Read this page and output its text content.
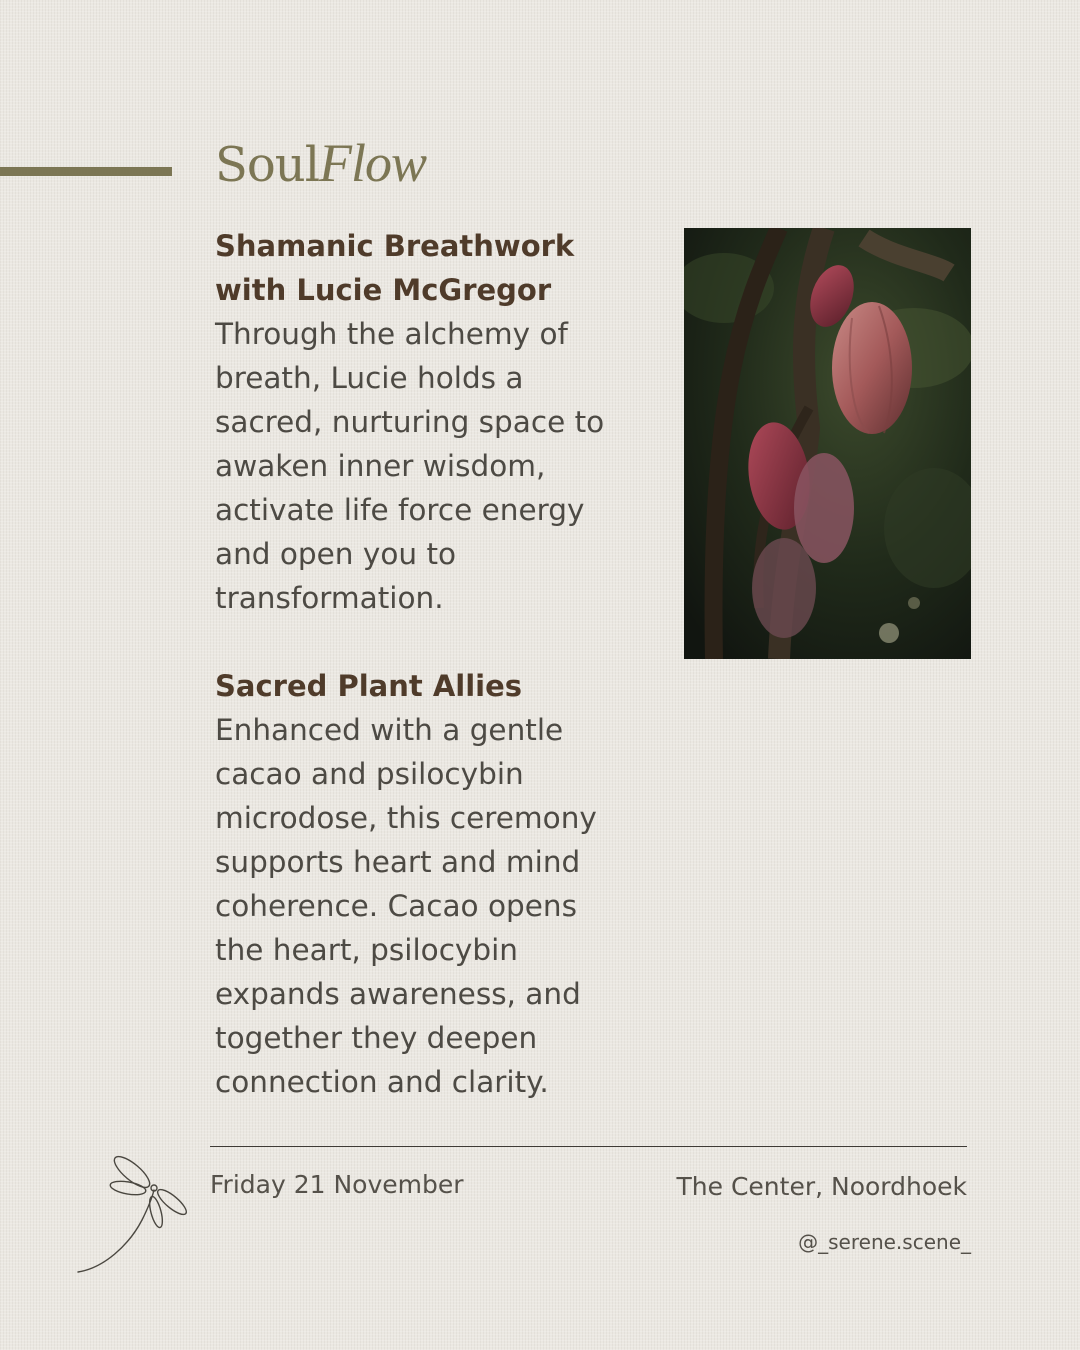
SoulFlow

Shamanic Breathwork
with Lucie McGregor

Through the alchemy of
breath, Lucie holds a
sacred, nurturing space to
awaken inner wisdom,
activate life force energy
and open you to
transformation.

Sacred Plant Allies

Enhanced with a gentle
cacao and psilocybin
microdose, this ceremony
supports heart and mind
coherence. Cacao opens
the heart, psilocybin
expands awareness, and
together they deepen
connection and clarity.

Friday 21 November	The Center, Noordhoek
@_serene.scene_
